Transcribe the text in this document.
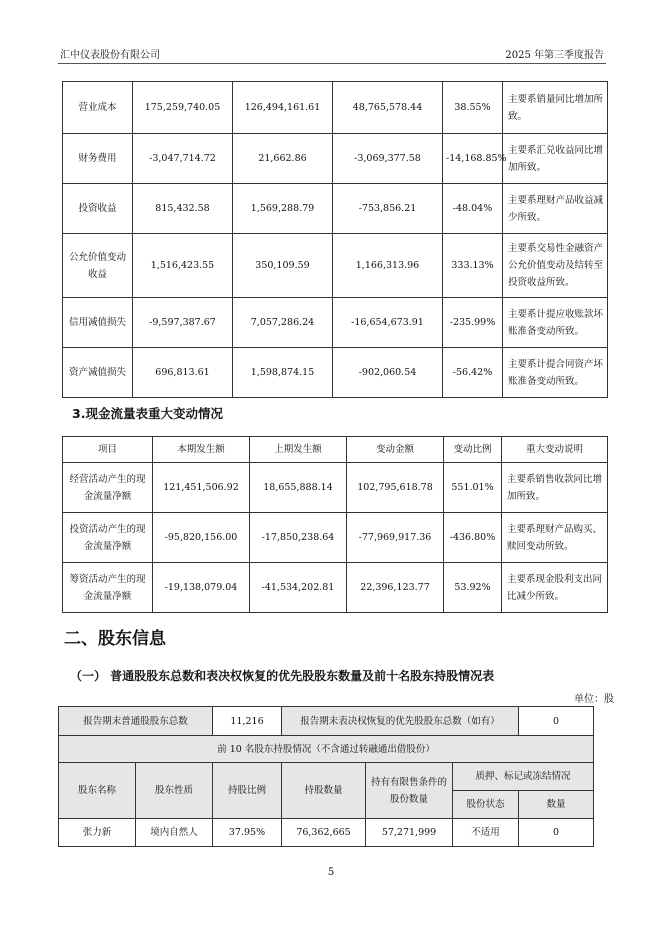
汇中仪表股份有限公司	2025 年第三季度报告
营业成本	175,259,740.05	126,494,161.61	48,765,578.44	38.55%	主要系销量同比增加所致。
财务费用	-3,047,714.72	21,662.86	-3,069,377.58	-14,168.85%	主要系汇兑收益同比增加所致。
投资收益	815,432.58	1,569,288.79	-753,856.21	-48.04%	主要系理财产品收益减少所致。
公允价值变动收益	1,516,423.55	350,109.59	1,166,313.96	333.13%	主要系交易性金融资产公允价值变动及结转至投资收益所致。
信用减值损失	-9,597,387.67	7,057,286.24	-16,654,673.91	-235.99%	主要系计提应收账款坏账准备变动所致。
资产减值损失	696,813.61	1,598,874.15	-902,060.54	-56.42%	主要系计提合同资产坏账准备变动所致。
3.现金流量表重大变动情况
项目	本期发生额	上期发生额	变动金额	变动比例	重大变动说明
经营活动产生的现金流量净额	121,451,506.92	18,655,888.14	102,795,618.78	551.01%	主要系销售收款同比增加所致。
投资活动产生的现金流量净额	-95,820,156.00	-17,850,238.64	-77,969,917.36	-436.80%	主要系理财产品购买、赎回变动所致。
筹资活动产生的现金流量净额	-19,138,079.04	-41,534,202.81	22,396,123.77	53.92%	主要系现金股利支出同比减少所致。
二、股东信息
（一） 普通股股东总数和表决权恢复的优先股股东数量及前十名股东持股情况表
单位：股
报告期末普通股股东总数		11,216	报告期末表决权恢复的优先股股东总数（如有）			0
前 10 名股东持股情况（不含通过转融通出借股份）						
股东名称	股东性质	持股比例	持股数量	持有有限售条件的股份数量	质押、标记或冻结情况	
					股份状态	数量
张力新	境内自然人	37.95%	76,362,665	57,271,999	不适用	0
5
